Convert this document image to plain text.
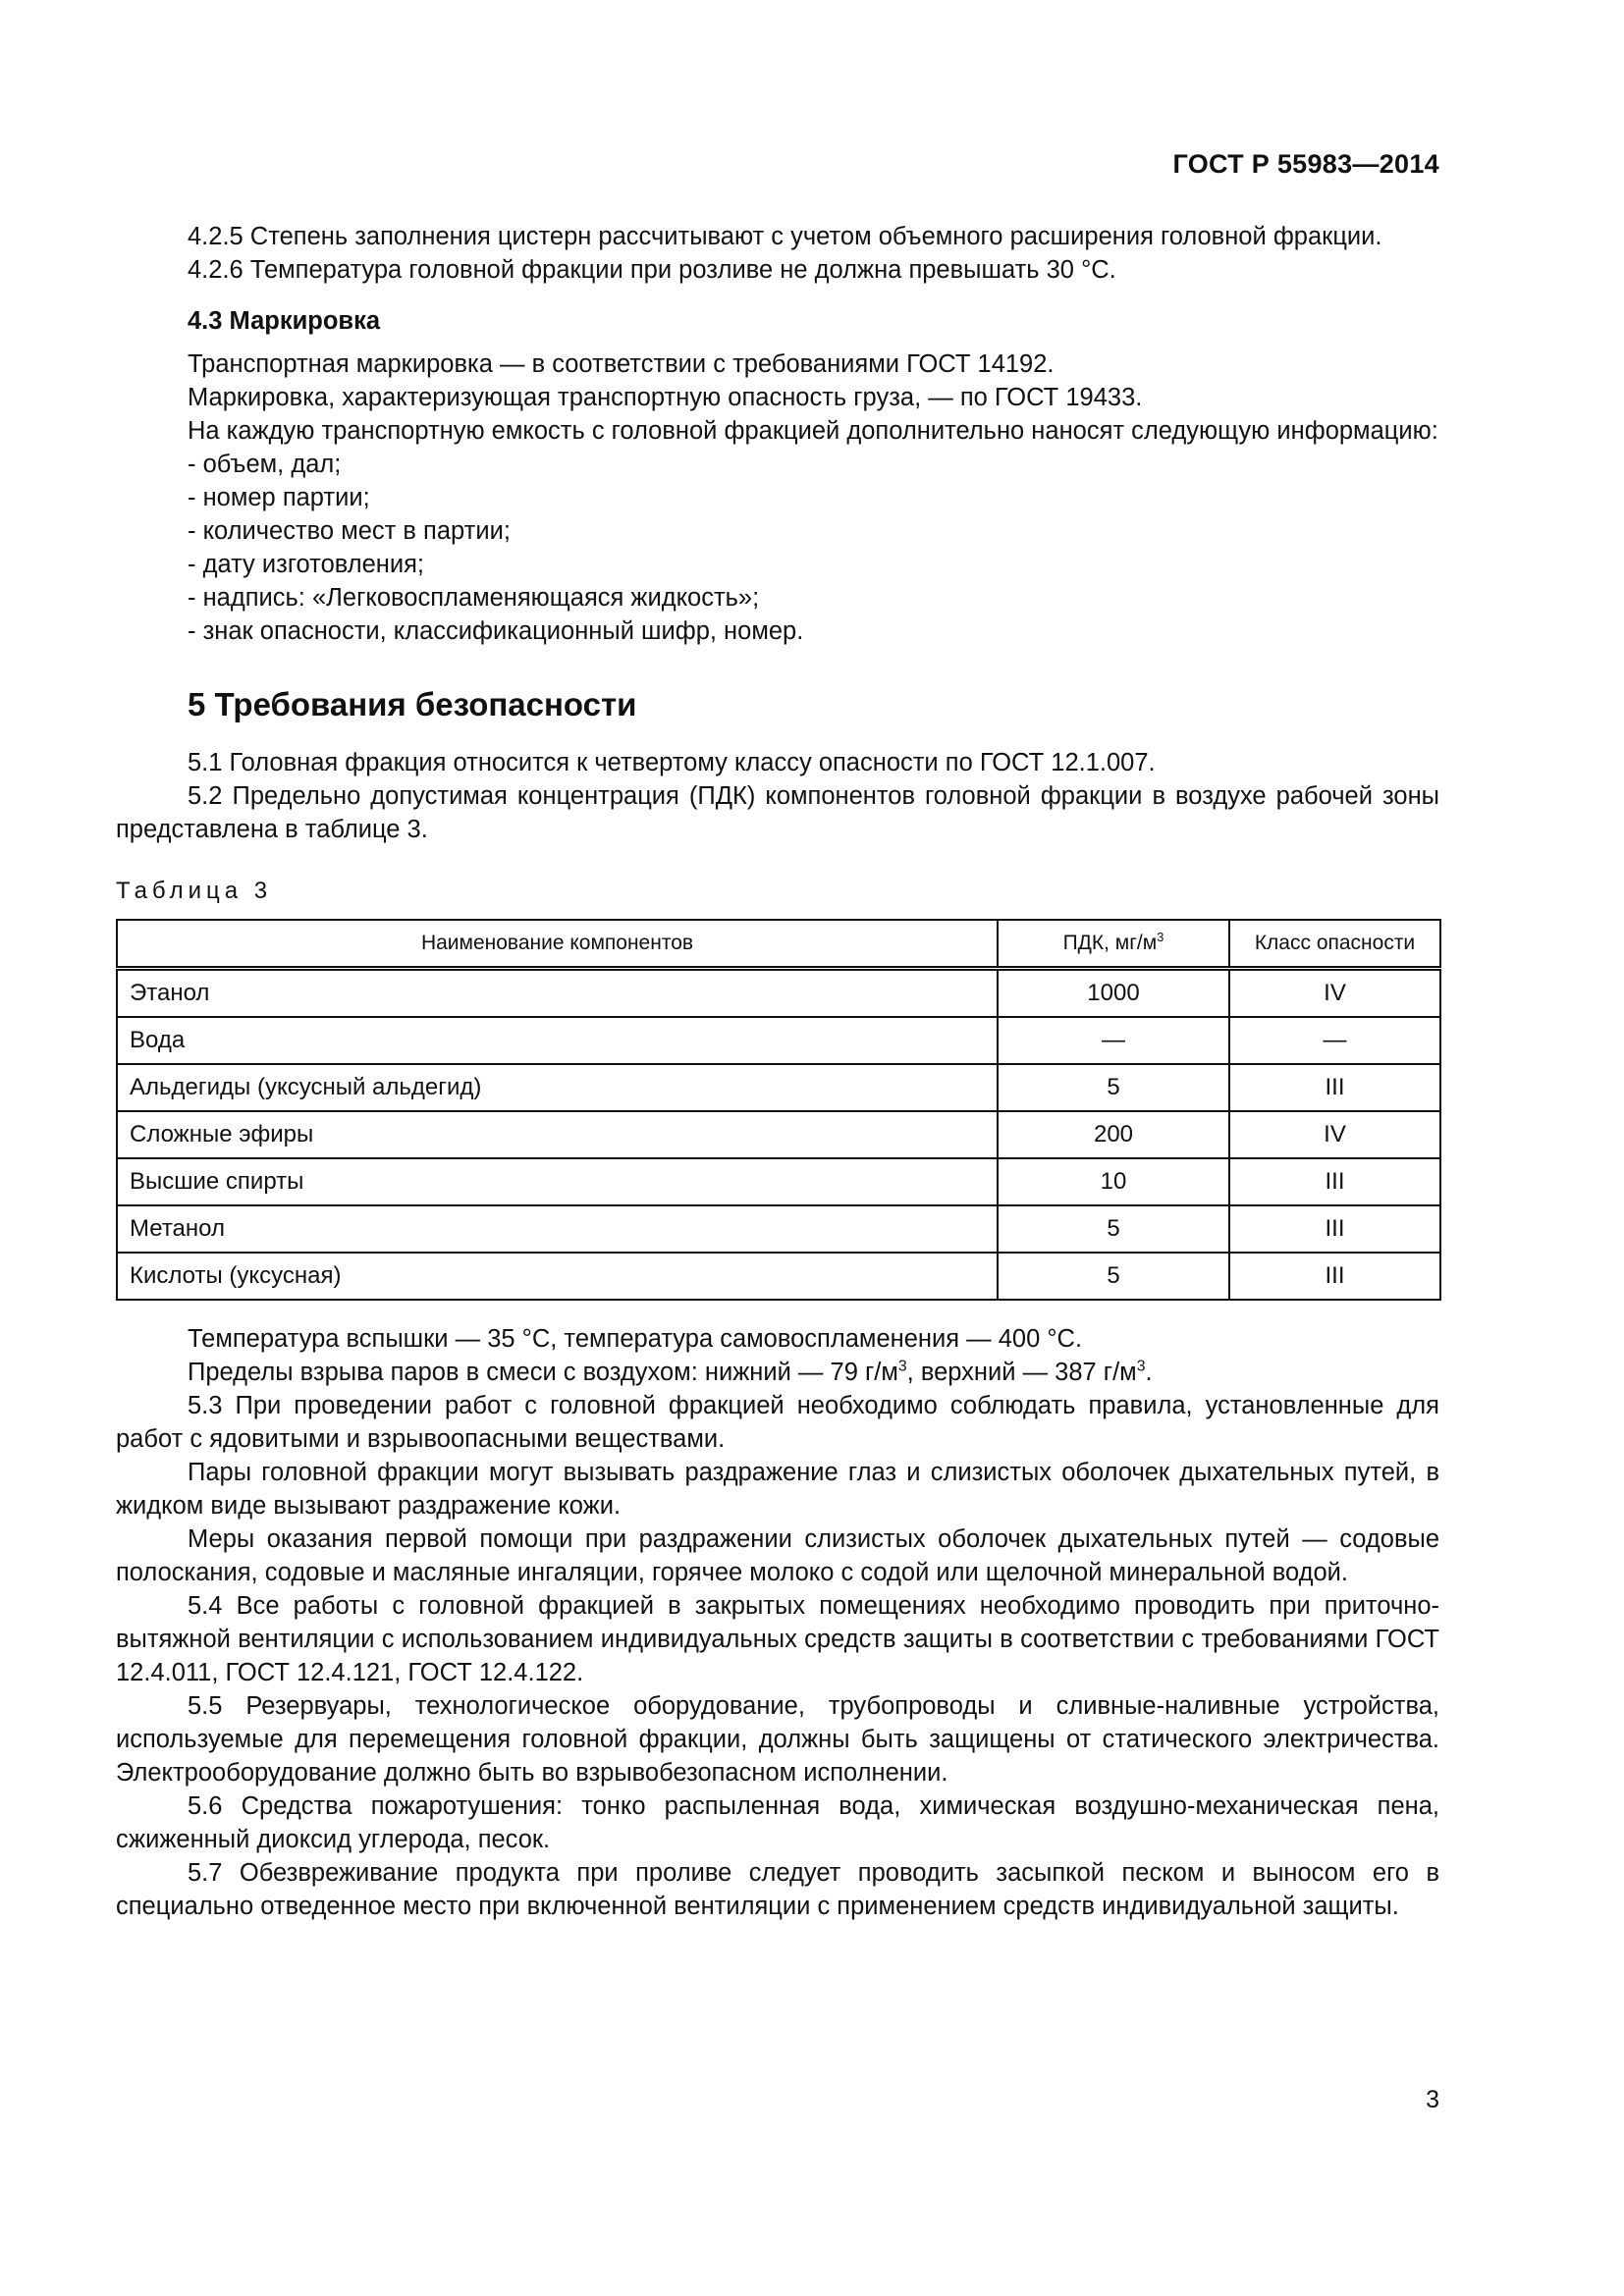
ГОСТ Р 55983—2014

4.2.5 Степень заполнения цистерн рассчитывают с учетом объемного расширения головной фракции.

4.2.6 Температура головной фракции при розливе не должна превышать 30 °С.

4.3 Маркировка

Транспортная маркировка — в соответствии с требованиями ГОСТ 14192.

Маркировка, характеризующая транспортную опасность груза, — по ГОСТ 19433.

На каждую транспортную емкость с головной фракцией дополнительно наносят следующую информацию:

- объем, дал;
- номер партии;
- количество мест в партии;
- дату изготовления;
- надпись: «Легковоспламеняющаяся жидкость»;
- знак опасности, классификационный шифр, номер.
5 Требования безопасности

5.1 Головная фракция относится к четвертому классу опасности по ГОСТ 12.1.007.

5.2 Предельно допустимая концентрация (ПДК) компонентов головной фракции в воздухе рабочей зоны представлена в таблице 3.

Таблица 3
Наименование компонентов	ПДК, $мг/м^3$	Класс опасности
Этанол	1000	IV
Вода	—	—
Альдегиды (уксусный альдегид)	5	III
Сложные эфиры	200	IV
Высшие спирты	10	III
Метанол	5	III
Кислоты (уксусная)	5	III

Температура вспышки — 35 °С, температура самовоспламенения — 400 °С.

Пределы взрыва паров в смеси с воздухом: нижний — 79 $г/м^3$, верхний — 387 $г/м^3$.

5.3 При проведении работ с головной фракцией необходимо соблюдать правила, установленные для работ с ядовитыми и взрывоопасными веществами.

Пары головной фракции могут вызывать раздражение глаз и слизистых оболочек дыхательных путей, в жидком виде вызывают раздражение кожи.

Меры оказания первой помощи при раздражении слизистых оболочек дыхательных путей — содовые полоскания, содовые и масляные ингаляции, горячее молоко с содой или щелочной минеральной водой.

5.4 Все работы с головной фракцией в закрытых помещениях необходимо проводить при приточно-вытяжной вентиляции с использованием индивидуальных средств защиты в соответствии с требованиями ГОСТ 12.4.011, ГОСТ 12.4.121, ГОСТ 12.4.122.

5.5 Резервуары, технологическое оборудование, трубопроводы и сливные-наливные устройства, используемые для перемещения головной фракции, должны быть защищены от статического электричества. Электрооборудование должно быть во взрывобезопасном исполнении.

5.6 Средства пожаротушения: тонко распыленная вода, химическая воздушно-механическая пена, сжиженный диоксид углерода, песок.

5.7 Обезвреживание продукта при проливе следует проводить засыпкой песком и выносом его в специально отведенное место при включенной вентиляции с применением средств индивидуальной защиты.

3
